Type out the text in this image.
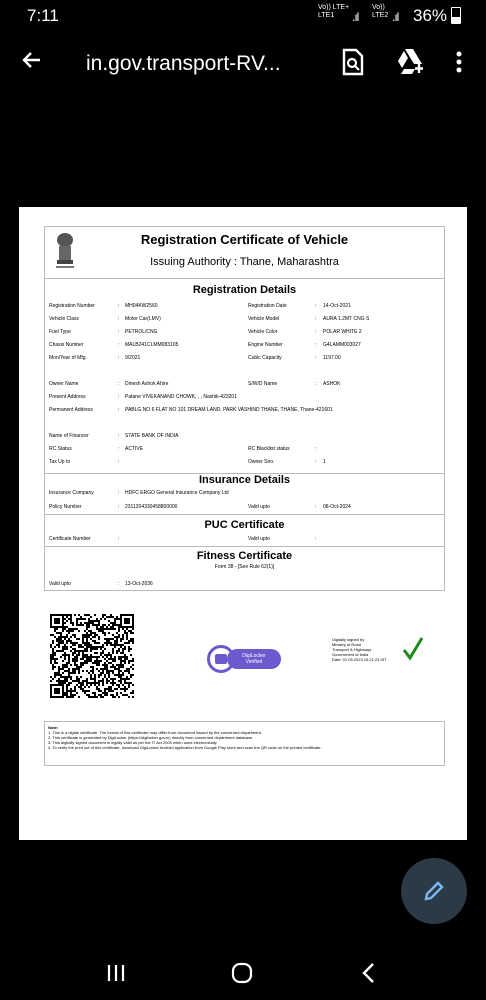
7:11	Vo)) LTE+
LTE1	.ıl
Vo))
LTE2 .ıl 36%
in.gov.transport-RV...
Registration Certificate of Vehicle
Issuing Authority : Thane, Maharashtra
Registration Details
Registration Number	: MH04KW2560	Registration Date	: 14-Oct-2021
Vehicle Class	: Motor Car(LMV)	Vehicle Model	: AURA 1.2MT CNG S
Fuel Type	: PETROL/CNG	Vehicle Color	: POLAR WHITE 2
Chasis Number	: MALB241CLMM083105	Engine Number	: G4LAMM003027
Mon/Year of Mfg.	: 9/2021	Cubic Capacity	: 1197.00
Owner Name	: Dinesh Ashok Ahire	S/W/D Name	: ASHOK
Present Address	: Patane VIVEKANAND CHOWK, , , Nashik-423201
Permanent Address	: PABLG NO 6 FLAT NO 101 DREAM LAND, PARK VASHIND THANE, THANE, Thane-421601
Name of Financer	: STATE BANK OF INDIA
RC Status	: ACTIVE	RC Blacklist status	:
Tax Up to	:	Owner Sno.	: 1
Insurance Details
Insurance Company	: HDFC ERGO General Insurance Company Ltd
Policy Number	: 2311204330458800000	Valid upto	: 08-Oct-2024
PUC Certificate
Certificate Number	:	Valid upto	:
Fitness Certificate
Form 38 - [See Rule 62(1)]
Valid upto	: 13-Oct-2036
DigiLocker
Verified
Digitally signed by
Ministry of Road
Transport & Highways
Government of India
Date: 01.05.2023 16:21:23 IST
Note:
1. This is a digital certificate. The format of this certificate may differ from document issued by the concerned department.
2. This certificate is generated by DigiLocker (https://digilocker.gov.in) directly from concerned department database.
3. This digitally signed document is legally valid as per the IT Act 2000 when used electronically.
4. To verify the print out of this certificate, download DigiLocker Android application from Google Play store and scan the QR code on the printed certificate.
